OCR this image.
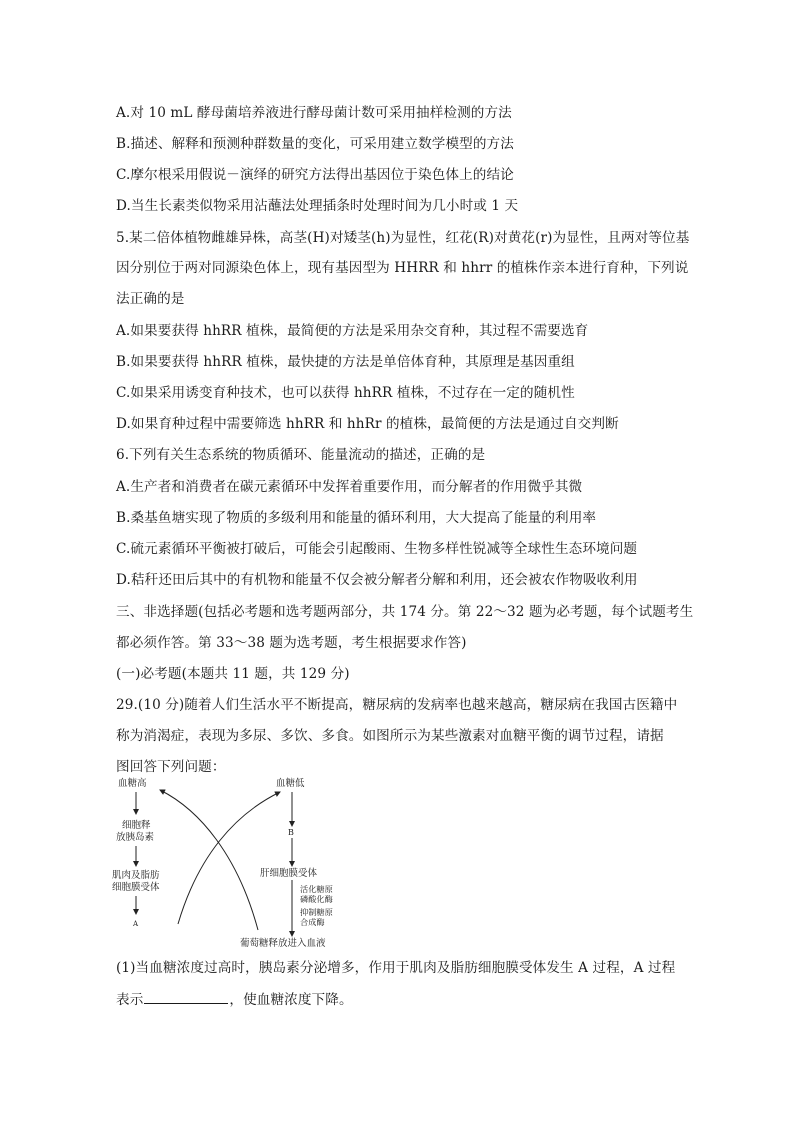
A.对 10 mL 酵母菌培养液进行酵母菌计数可采用抽样检测的方法
B.描述、解释和预测种群数量的变化，可采用建立数学模型的方法
C.摩尔根采用假说－演绎的研究方法得出基因位于染色体上的结论
D.当生长素类似物采用沾蘸法处理插条时处理时间为几小时或 1 天
5.某二倍体植物雌雄异株，高茎(H)对矮茎(h)为显性，红花(R)对黄花(r)为显性，且两对等位基
因分别位于两对同源染色体上，现有基因型为 HHRR 和 hhrr 的植株作亲本进行育种，下列说
法正确的是
A.如果要获得 hhRR 植株，最简便的方法是采用杂交育种，其过程不需要选育
B.如果要获得 hhRR 植株，最快捷的方法是单倍体育种，其原理是基因重组
C.如果采用诱变育种技术，也可以获得 hhRR 植株，不过存在一定的随机性
D.如果育种过程中需要筛选 hhRR 和 hhRr 的植株，最简便的方法是通过自交判断
6.下列有关生态系统的物质循环、能量流动的描述，正确的是
A.生产者和消费者在碳元素循环中发挥着重要作用，而分解者的作用微乎其微
B.桑基鱼塘实现了物质的多级利用和能量的循环利用，大大提高了能量的利用率
C.硫元素循环平衡被打破后，可能会引起酸雨、生物多样性锐减等全球性生态环境问题
D.秸秆还田后其中的有机物和能量不仅会被分解者分解和利用，还会被农作物吸收利用
三、非选择题(包括必考题和选考题两部分，共 174 分。第 22～32 题为必考题，每个试题考生
都必须作答。第 33～38 题为选考题，考生根据要求作答)
(一)必考题(本题共 11 题，共 129 分)
29.(10 分)随着人们生活水平不断提高，糖尿病的发病率也越来越高，糖尿病在我国古医籍中
称为消渴症，表现为多尿、多饮、多食。如图所示为某些激素对血糖平衡的调节过程，请据
图回答下列问题：
血糖高
细胞释
放胰岛素
肌肉及脂肪
细胞膜受体
A
血糖低
B
肝细胞膜受体
活化糖原
磷酸化酶
抑制糖原
合成酶
葡萄糖释放进入血液
(1)当血糖浓度过高时，胰岛素分泌增多，作用于肌肉及脂肪细胞膜受体发生 A 过程，A 过程
表示	，使血糖浓度下降。
